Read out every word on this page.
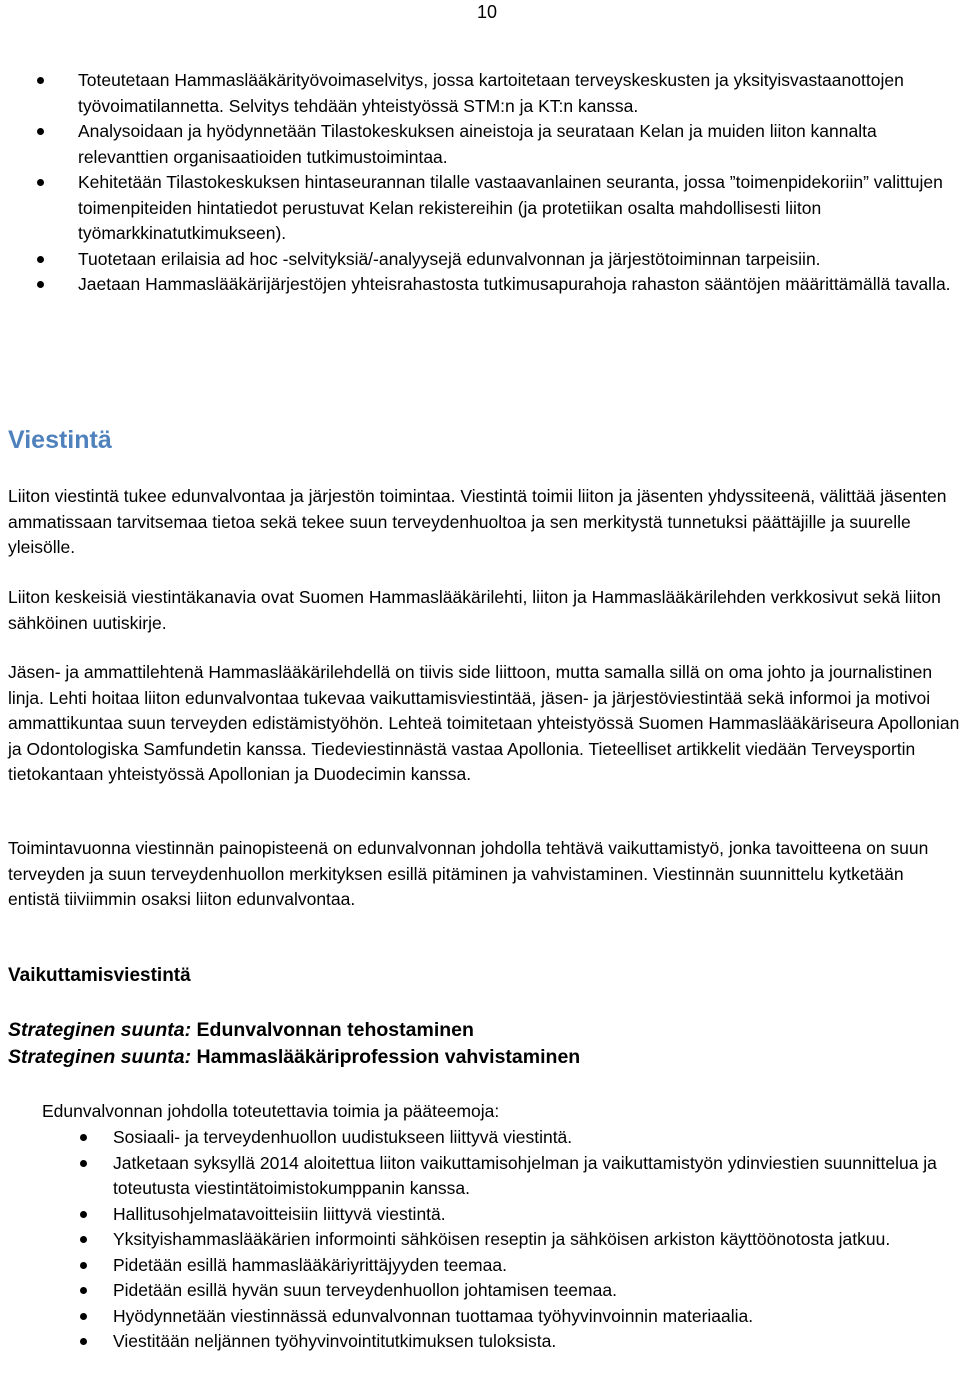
10
Toteutetaan Hammaslääkärityövoimaselvitys, jossa kartoitetaan terveyskeskusten ja yksityisvastaanottojen työvoimatilannetta. Selvitys tehdään yhteistyössä STM:n ja KT:n kanssa.
Analysoidaan ja hyödynnetään Tilastokeskuksen aineistoja ja seurataan Kelan ja muiden liiton kannalta relevanttien organisaatioiden tutkimustoimintaa.
Kehitetään Tilastokeskuksen hintaseurannan tilalle vastaavanlainen seuranta, jossa ”toimenpidekoriin” valittujen toimenpiteiden hintatiedot perustuvat Kelan rekistereihin (ja protetiikan osalta mahdollisesti liiton työmarkkinatutkimukseen).
Tuotetaan erilaisia ad hoc -selvityksiä/-analyysejä edunvalvonnan ja järjestötoiminnan tarpeisiin.
Jaetaan Hammaslääkärijärjestöjen yhteisrahastosta tutkimusapurahoja rahaston sääntöjen määrittämällä tavalla.
Viestintä

Liiton viestintä tukee edunvalvontaa ja järjestön toimintaa. Viestintä toimii liiton ja jäsenten yhdyssiteenä, välittää jäsenten ammatissaan tarvitsemaa tietoa sekä tekee suun terveydenhuoltoa ja sen merkitystä tunnetuksi päättäjille ja suurelle yleisölle.

Liiton keskeisiä viestintäkanavia ovat Suomen Hammaslääkärilehti, liiton ja Hammaslääkärilehden verkkosivut sekä liiton sähköinen uutiskirje.

Jäsen- ja ammattilehtenä Hammaslääkärilehdellä on tiivis side liittoon, mutta samalla sillä on oma johto ja journalistinen linja. Lehti hoitaa liiton edunvalvontaa tukevaa vaikuttamisviestintää, jäsen- ja järjestöviestintää sekä informoi ja motivoi ammattikuntaa suun terveyden edistämistyöhön. Lehteä toimitetaan yhteistyössä Suomen Hammaslääkäriseura Apollonian ja Odontologiska Samfundetin kanssa. Tiedeviestinnästä vastaa Apollonia. Tieteelliset artikkelit viedään Terveysportin tietokantaan yhteistyössä Apollonian ja Duodecimin kanssa.

Toimintavuonna viestinnän painopisteenä on edunvalvonnan johdolla tehtävä vaikuttamistyö, jonka tavoitteena on suun terveyden ja suun terveydenhuollon merkityksen esillä pitäminen ja vahvistaminen. Viestinnän suunnittelu kytketään entistä tiiviimmin osaksi liiton edunvalvontaa.

Vaikuttamisviestintä

Strateginen suunta: Edunvalvonnan tehostaminen

Strateginen suunta: Hammaslääkäriprofession vahvistaminen

Edunvalvonnan johdolla toteutettavia toimia ja pääteemoja:

Sosiaali- ja terveydenhuollon uudistukseen liittyvä viestintä.
Jatketaan syksyllä 2014 aloitettua liiton vaikuttamisohjelman ja vaikuttamistyön ydinviestien suunnittelua ja toteutusta viestintätoimistokumppanin kanssa.
Hallitusohjelmatavoitteisiin liittyvä viestintä.
Yksityishammaslääkärien informointi sähköisen reseptin ja sähköisen arkiston käyttöönotosta jatkuu.
Pidetään esillä hammaslääkäriyrittäjyyden teemaa.
Pidetään esillä hyvän suun terveydenhuollon johtamisen teemaa.
Hyödynnetään viestinnässä edunvalvonnan tuottamaa työhyvinvoinnin materiaalia.
Viestitään neljännen työhyvinvointitutkimuksen tuloksista.
